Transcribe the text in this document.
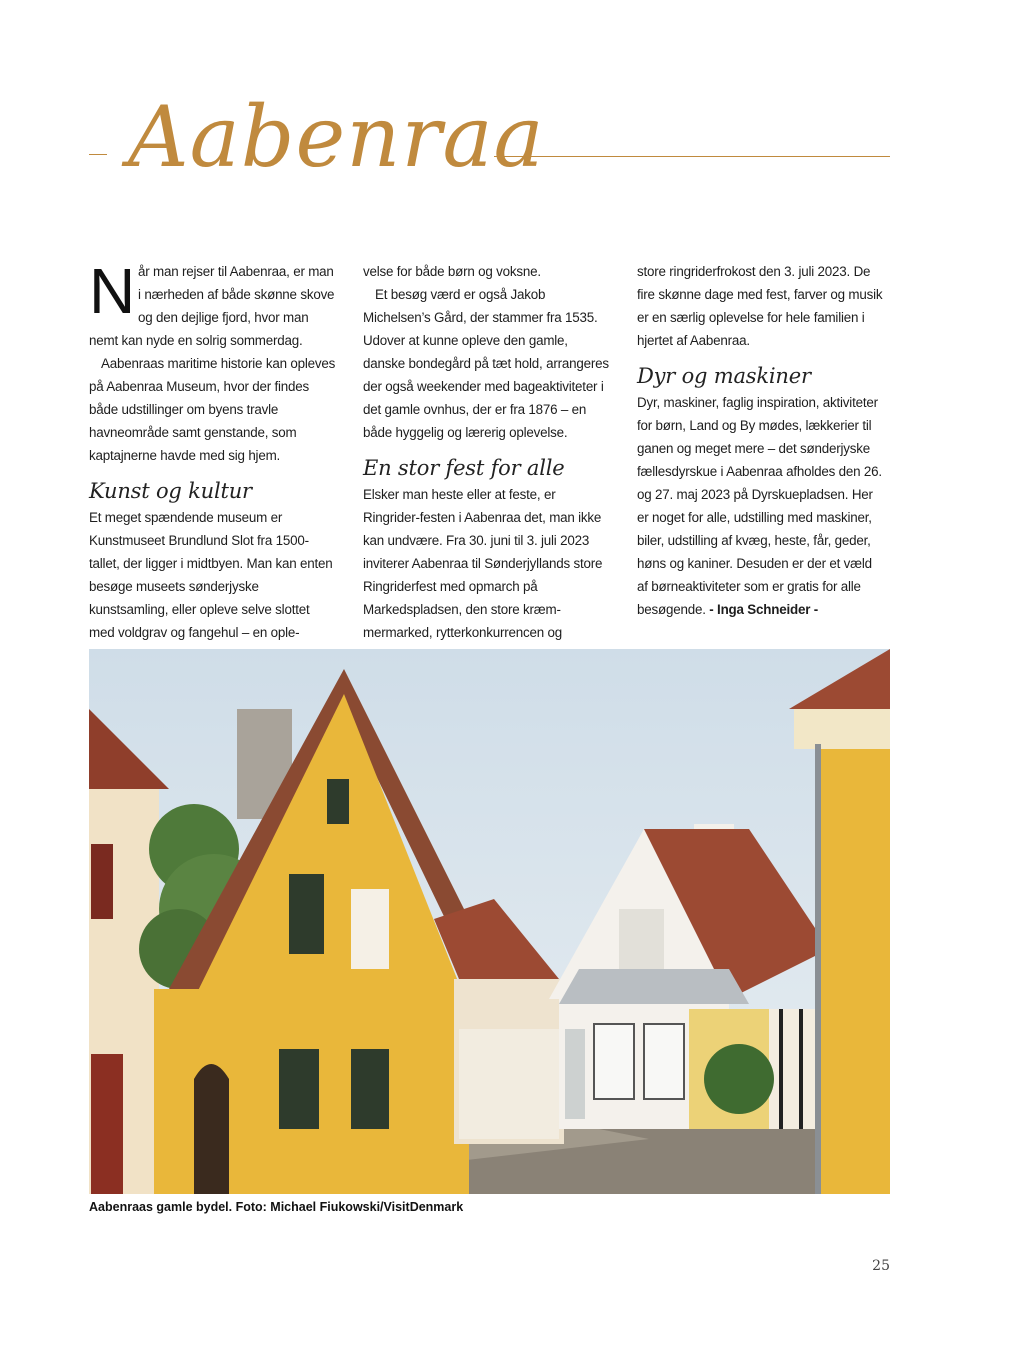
Aabenraa

Når man rejser til Aabenraa, er man i nærheden af både skønne skove og den dejlige fjord, hvor man nemt kan nyde en solrig sommerdag.

Aabenraas maritime historie kan opleves på Aabenraa Museum, hvor der findes både udstillinger om byens travle havneområde samt genstande, som kaptajnerne havde med sig hjem.

Kunst og kultur

Et meget spændende museum er Kunstmuseet Brundlund Slot fra 1500-tallet, der ligger i midtbyen. Man kan enten besøge museets sønderjyske kunstsamling, eller opleve selve slottet med voldgrav og fangehul – en ople-

velse for både børn og voksne.

Et besøg værd er også Jakob Michelsen’s Gård, der stammer fra 1535. Udover at kunne opleve den gamle, danske bondegård på tæt hold, arrangeres der også weekender med bageaktiviteter i det gamle ovnhus, der er fra 1876 – en både hyggelig og lærerig oplevelse.

En stor fest for alle

Elsker man heste eller at feste, er Ringrider-festen i Aabenraa det, man ikke kan undvære. Fra 30. juni til 3. juli 2023 inviterer Aabenraa til Sønderjyllands store Ringriderfest med opmarch på Markedspladsen, den store kræm-mermarked, rytterkonkurrencen og

store ringriderfrokost den 3. juli 2023. De fire skønne dage med fest, farver og musik er en særlig oplevelse for hele familien i hjertet af Aabenraa.

Dyr og maskiner

Dyr, maskiner, faglig inspiration, aktiviteter for børn, Land og By mødes, lækkerier til ganen og meget mere – det sønderjyske fællesdyrskue i Aabenraa afholdes den 26. og 27. maj 2023 på Dyrskuepladsen. Her er noget for alle, udstilling med maskiner, biler, udstilling af kvæg, heste, får, geder, høns og kaniner. Desuden er der et væld af børneaktiviteter som er gratis for alle besøgende. - Inga Schneider -

Aabenraas gamle bydel. Foto: Michael Fiukowski/VisitDenmark
25
